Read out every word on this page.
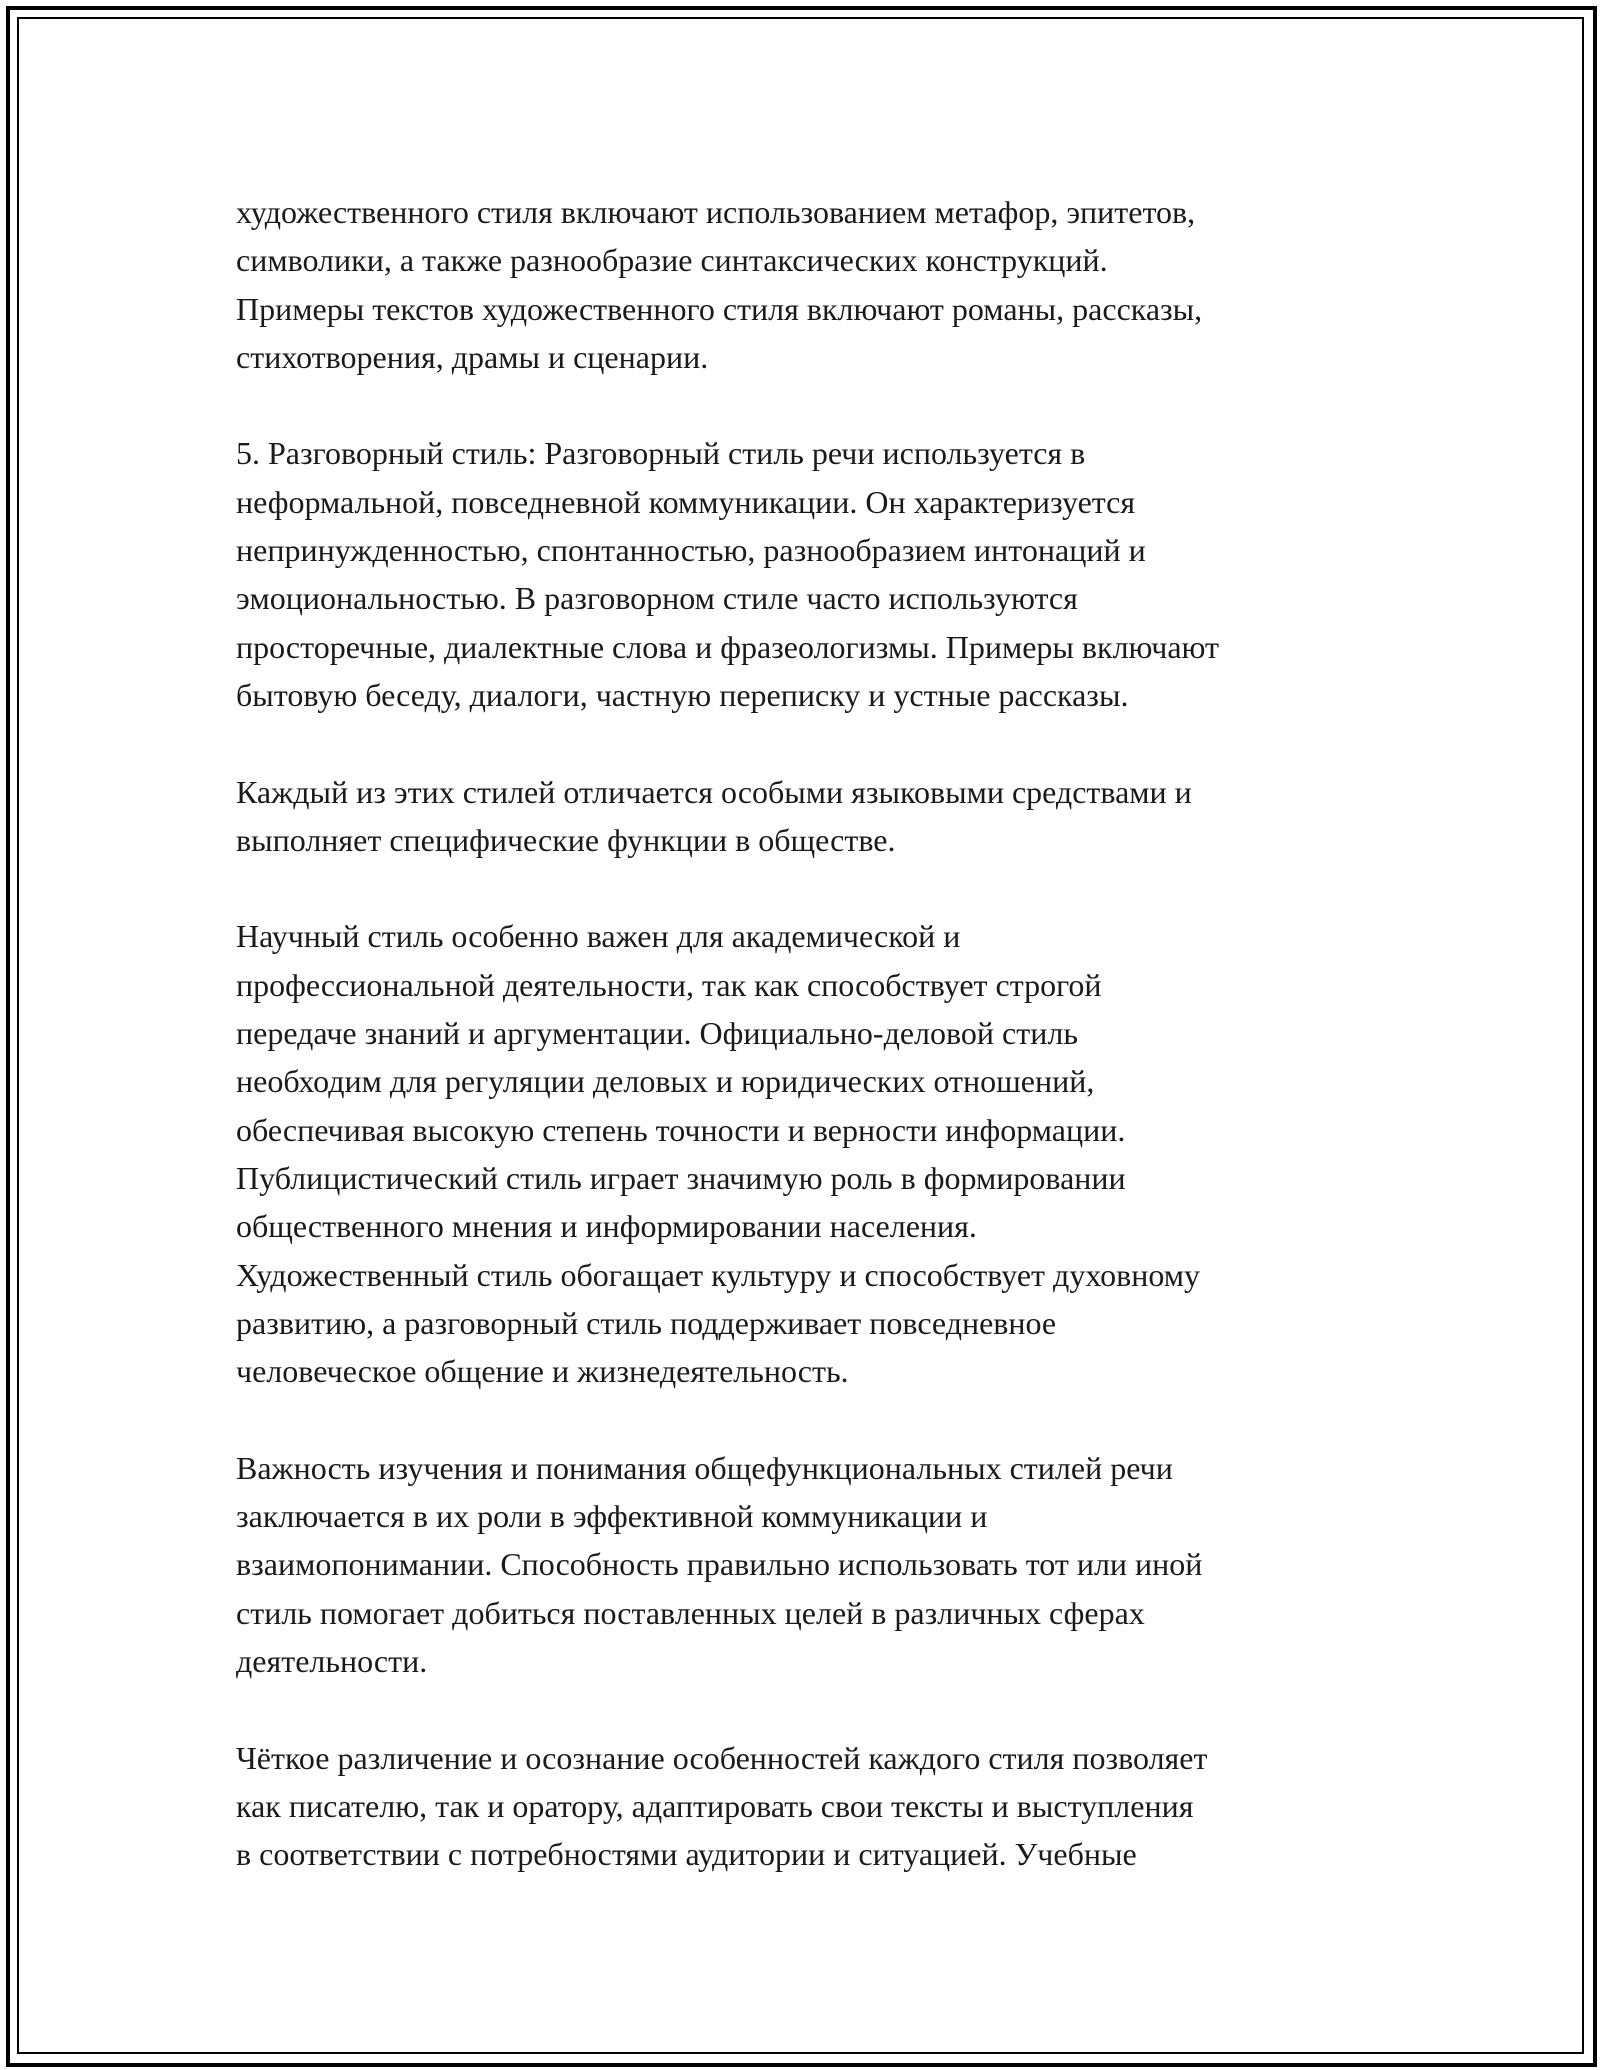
художественного стиля включают использованием метафор, эпитетов,
символики, а также разнообразие синтаксических конструкций.
Примеры текстов художественного стиля включают романы, рассказы,
стихотворения, драмы и сценарии.

5. Разговорный стиль: Разговорный стиль речи используется в
неформальной, повседневной коммуникации. Он характеризуется
непринужденностью, спонтанностью, разнообразием интонаций и
эмоциональностью. В разговорном стиле часто используются
просторечные, диалектные слова и фразеологизмы. Примеры включают
бытовую беседу, диалоги, частную переписку и устные рассказы.

Каждый из этих стилей отличается особыми языковыми средствами и
выполняет специфические функции в обществе.

Научный стиль особенно важен для академической и
профессиональной деятельности, так как способствует строгой
передаче знаний и аргументации. Официально-деловой стиль
необходим для регуляции деловых и юридических отношений,
обеспечивая высокую степень точности и верности информации.
Публицистический стиль играет значимую роль в формировании
общественного мнения и информировании населения.
Художественный стиль обогащает культуру и способствует духовному
развитию, а разговорный стиль поддерживает повседневное
человеческое общение и жизнедеятельность.

Важность изучения и понимания общефункциональных стилей речи
заключается в их роли в эффективной коммуникации и
взаимопонимании. Способность правильно использовать тот или иной
стиль помогает добиться поставленных целей в различных сферах
деятельности.

Чёткое различение и осознание особенностей каждого стиля позволяет
как писателю, так и оратору, адаптировать свои тексты и выступления
в соответствии с потребностями аудитории и ситуацией. Учебные
